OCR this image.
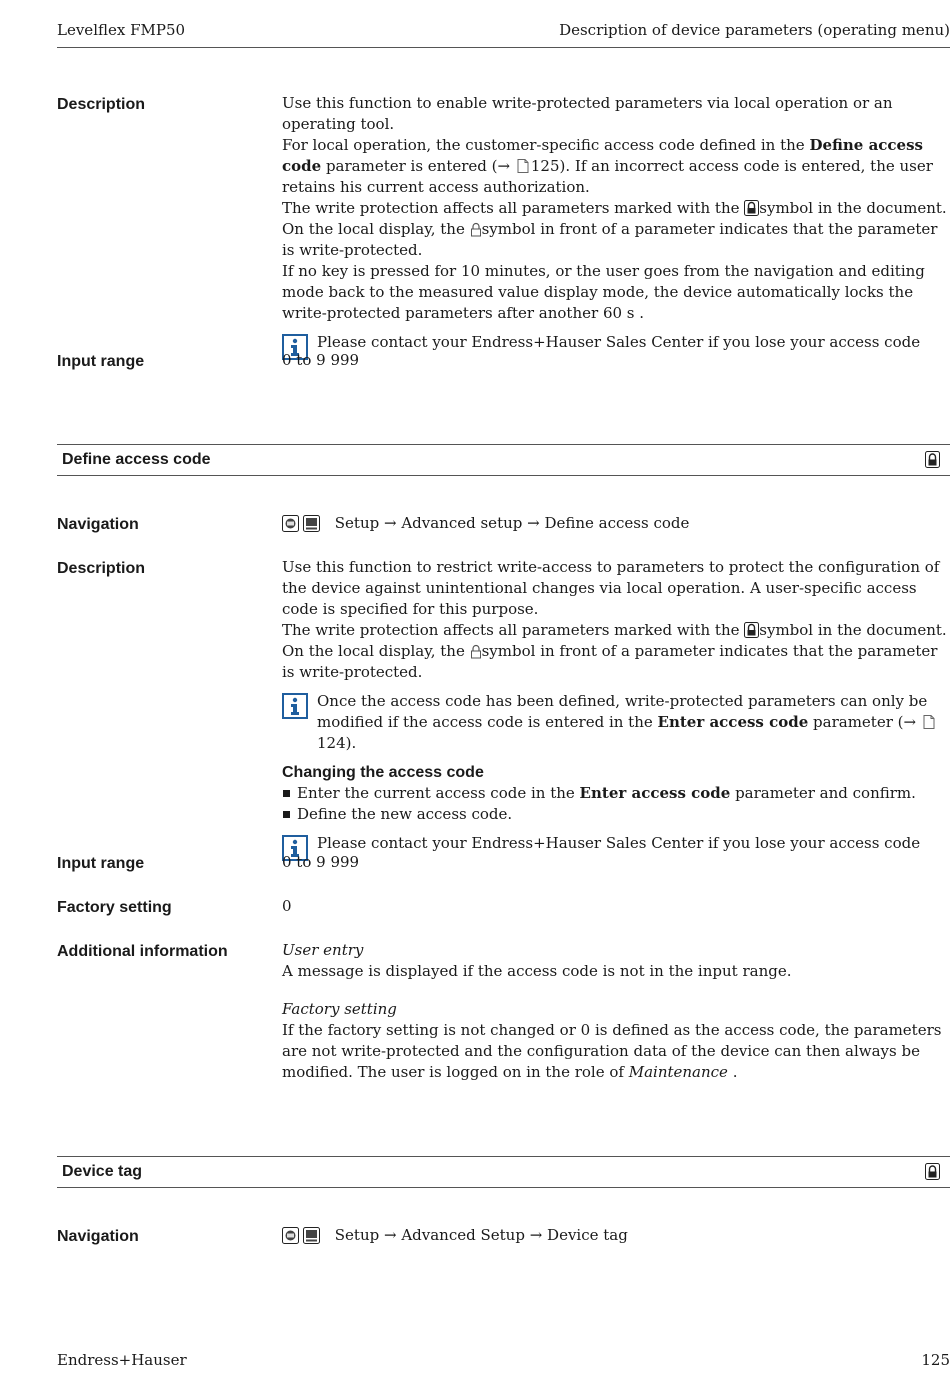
Levelflex FMP50	Description of device parameters (operating menu)
Description	Use this function to enable write-protected parameters via local operation or an operating tool.

For local operation, the customer-specific access code defined in the Define access code parameter is entered (→ 125). If an incorrect access code is entered, the user retains his current access authorization.

The write protection affects all parameters marked with the symbol in the document. On the local display, the symbol in front of a parameter indicates that the parameter is write-protected.

If no key is pressed for 10 minutes, or the user goes from the navigation and editing mode back to the measured value display mode, the device automatically locks the write-protected parameters after another 60 s .

Please contact your Endress+Hauser Sales Center if you lose your access code
Input range	0 to 9 999
Define access code
Navigation	Setup → Advanced setup → Define access code
Description	Use this function to restrict write-access to parameters to protect the configuration of the device against unintentional changes via local operation. A user-specific access code is specified for this purpose.

The write protection affects all parameters marked with the symbol in the document. On the local display, the symbol in front of a parameter indicates that the parameter is write-protected.

Once the access code has been defined, write-protected parameters can only be modified if the access code is entered in the Enter access code parameter (→ 124).
Changing the access code
Enter the current access code in the Enter access code parameter and confirm.
Define the new access code.
Please contact your Endress+Hauser Sales Center if you lose your access code
Input range	0 to 9 999
Factory setting	0
Additional information	User entry

A message is displayed if the access code is not in the input range.

Factory setting

If the factory setting is not changed or 0 is defined as the access code, the parameters are not write-protected and the configuration data of the device can then always be modified. The user is logged on in the role of Maintenance .

Device tag
Navigation	Setup → Advanced Setup → Device tag
Endress+Hauser	125
